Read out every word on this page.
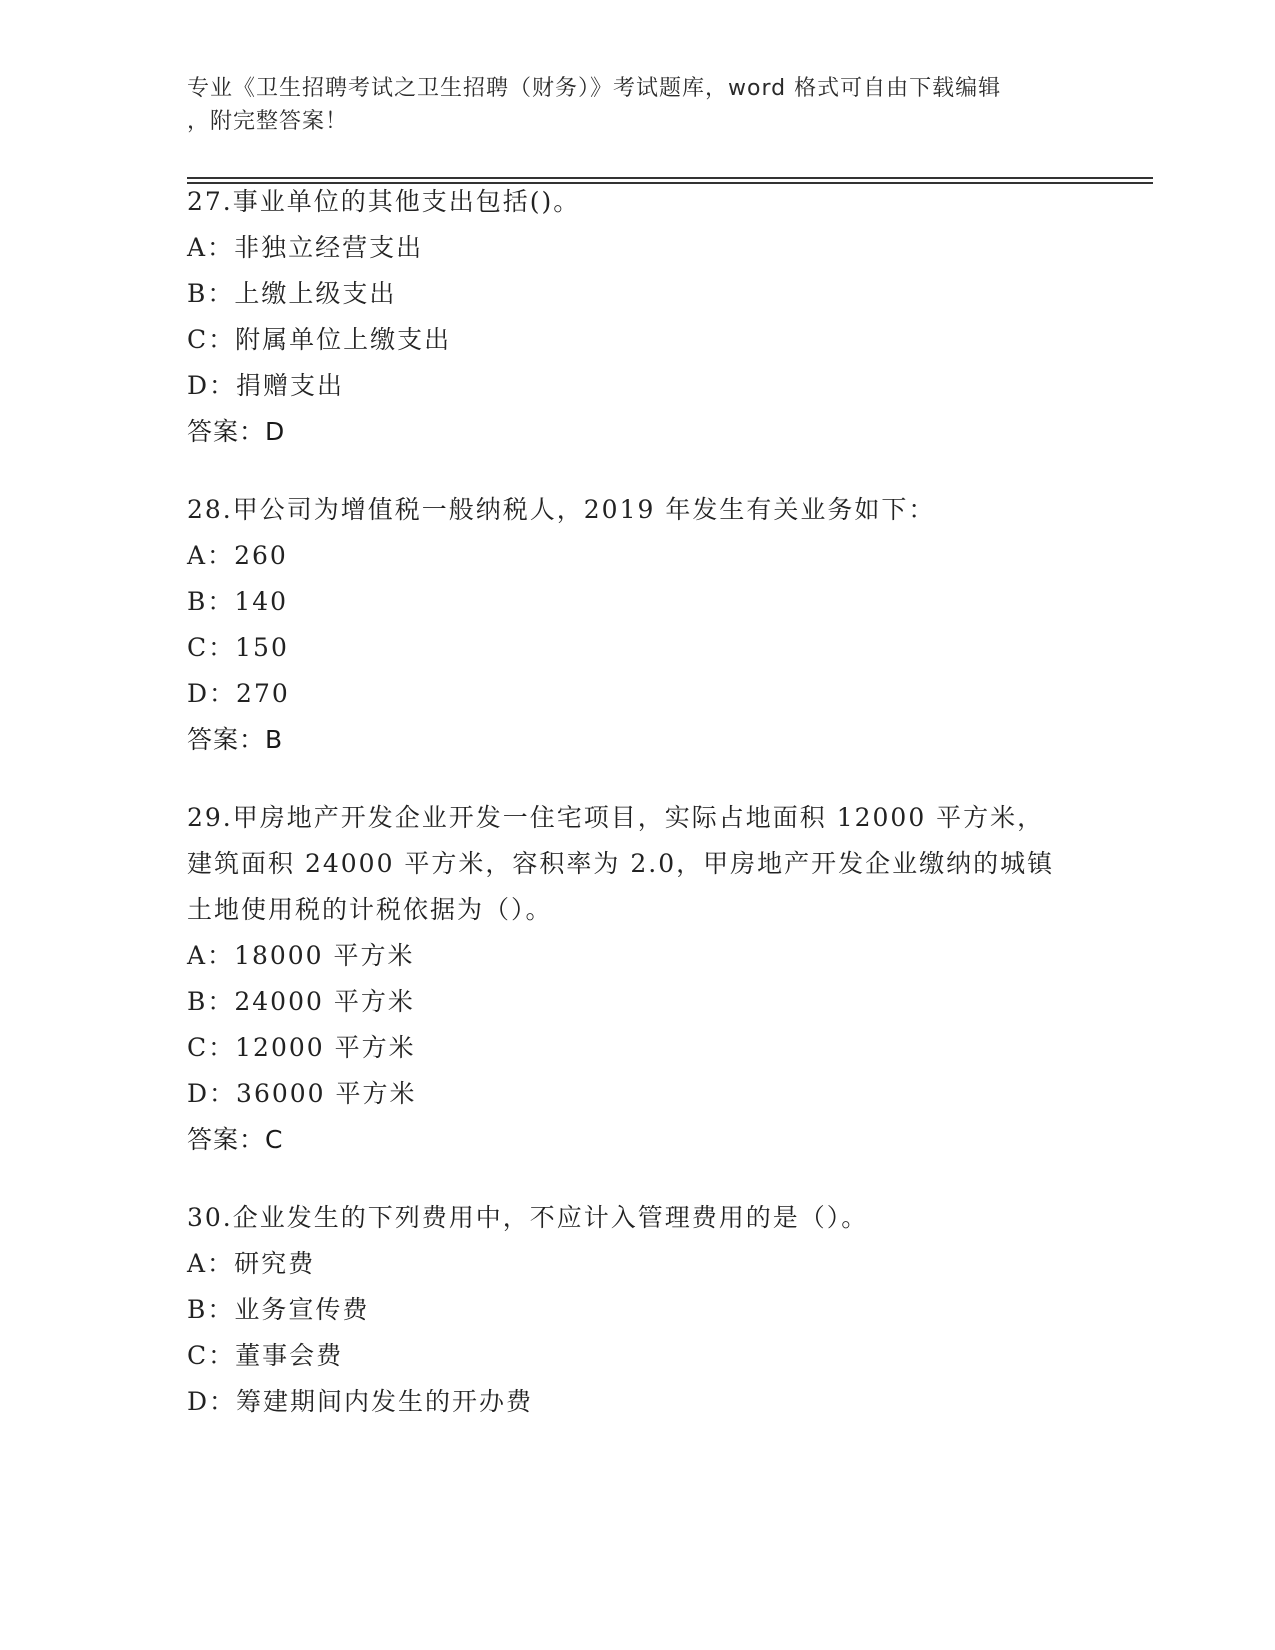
专业《卫生招聘考试之卫生招聘（财务）》考试题库，word 格式可自由下载编辑
，附完整答案！
27.事业单位的其他支出包括()。
A：非独立经营支出
B：上缴上级支出
C：附属单位上缴支出
D：捐赠支出
答案：D
28.甲公司为增值税一般纳税人，2019 年发生有关业务如下：
A：260
B：140
C：150
D：270
答案：B
29.甲房地产开发企业开发一住宅项目，实际占地面积 12000 平方米，
建筑面积 24000 平方米，容积率为 2.0，甲房地产开发企业缴纳的城镇
土地使用税的计税依据为（）。
A：18000 平方米
B：24000 平方米
C：12000 平方米
D：36000 平方米
答案：C
30.企业发生的下列费用中，不应计入管理费用的是（）。
A：研究费
B：业务宣传费
C：董事会费
D：筹建期间内发生的开办费
